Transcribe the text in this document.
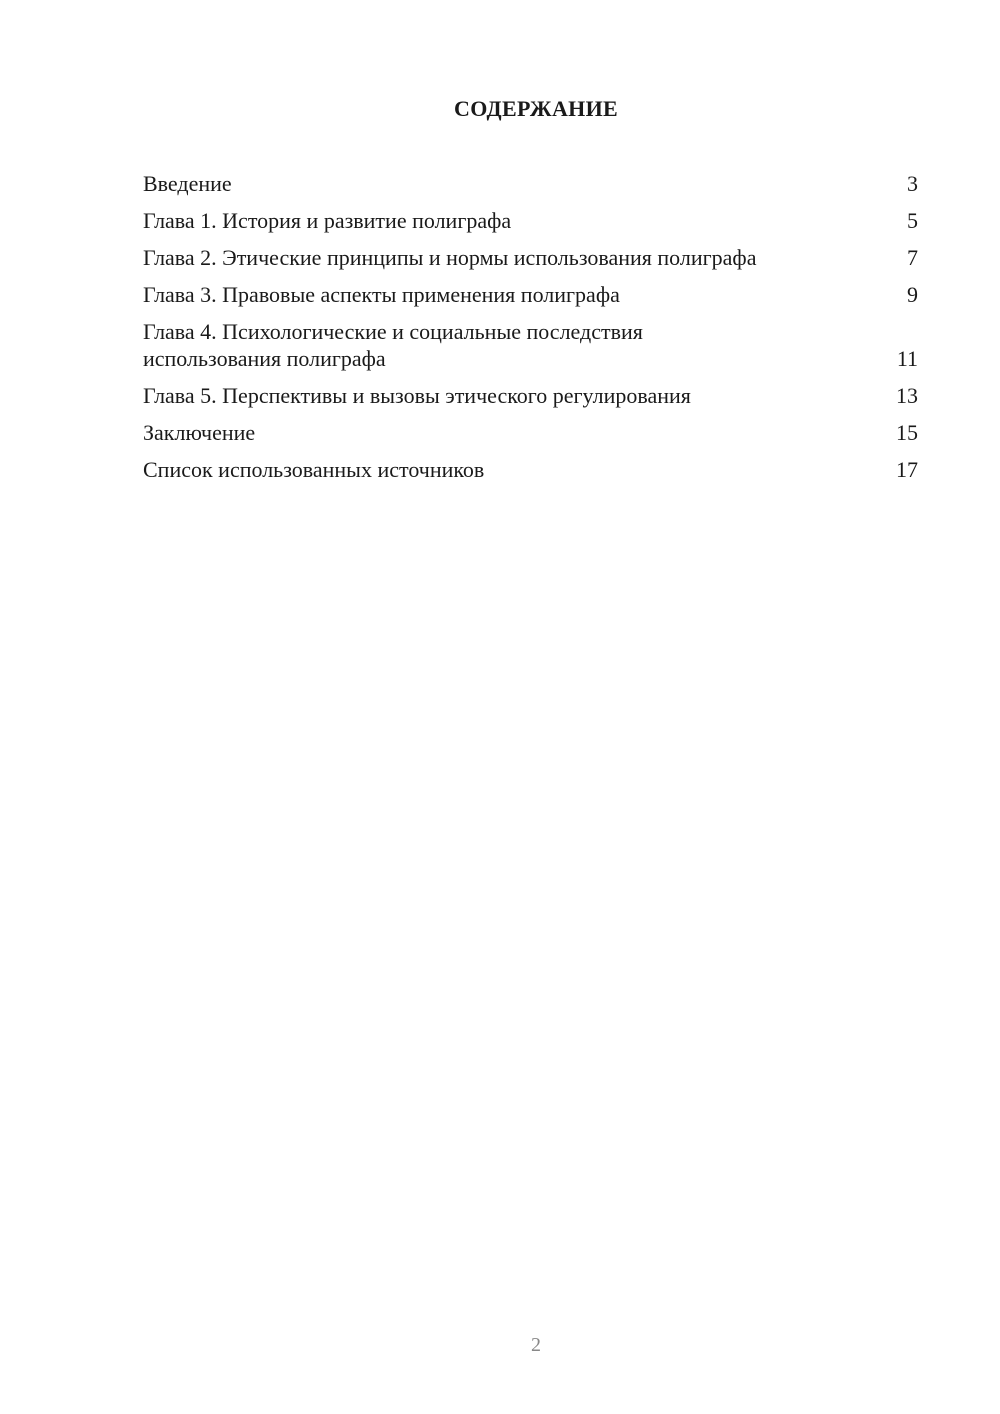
СОДЕРЖАНИЕ
Введение	3
Глава 1. История и развитие полиграфа	5
Глава 2. Этические принципы и нормы использования полиграфа	7
Глава 3. Правовые аспекты применения полиграфа	9
Глава 4. Психологические и социальные последствия использования полиграфа	11
Глава 5. Перспективы и вызовы этического регулирования	13
Заключение	15
Список использованных источников	17
2
